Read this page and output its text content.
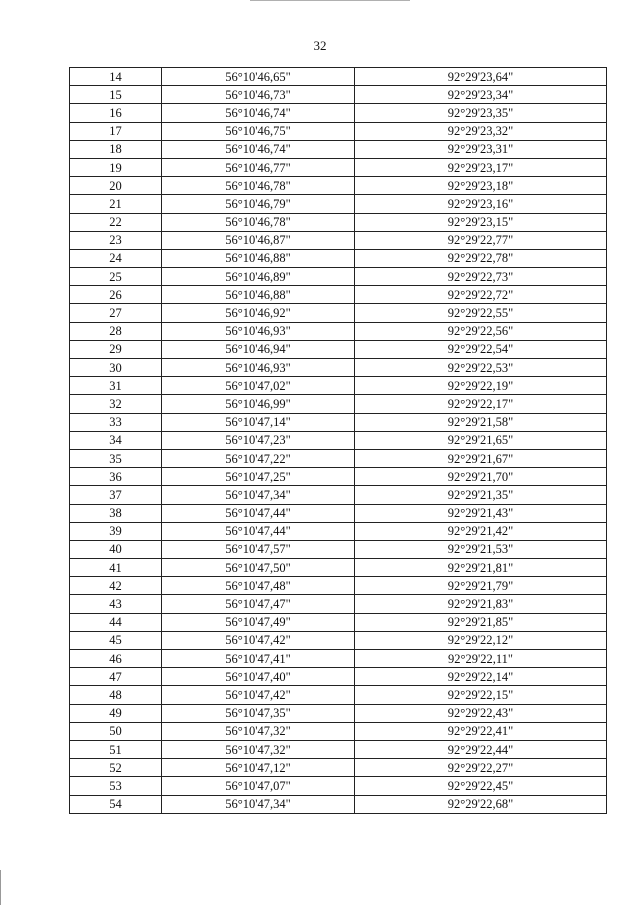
32
14	56°10'46,65"	92°29'23,64"
15	56°10'46,73"	92°29'23,34"
16	56°10'46,74"	92°29'23,35"
17	56°10'46,75"	92°29'23,32"
18	56°10'46,74"	92°29'23,31"
19	56°10'46,77"	92°29'23,17"
20	56°10'46,78"	92°29'23,18"
21	56°10'46,79"	92°29'23,16"
22	56°10'46,78"	92°29'23,15"
23	56°10'46,87"	92°29'22,77"
24	56°10'46,88"	92°29'22,78"
25	56°10'46,89"	92°29'22,73"
26	56°10'46,88"	92°29'22,72"
27	56°10'46,92"	92°29'22,55"
28	56°10'46,93"	92°29'22,56"
29	56°10'46,94"	92°29'22,54"
30	56°10'46,93"	92°29'22,53"
31	56°10'47,02"	92°29'22,19"
32	56°10'46,99"	92°29'22,17"
33	56°10'47,14"	92°29'21,58"
34	56°10'47,23"	92°29'21,65"
35	56°10'47,22"	92°29'21,67"
36	56°10'47,25"	92°29'21,70"
37	56°10'47,34"	92°29'21,35"
38	56°10'47,44"	92°29'21,43"
39	56°10'47,44"	92°29'21,42"
40	56°10'47,57"	92°29'21,53"
41	56°10'47,50"	92°29'21,81"
42	56°10'47,48"	92°29'21,79"
43	56°10'47,47"	92°29'21,83"
44	56°10'47,49"	92°29'21,85"
45	56°10'47,42"	92°29'22,12"
46	56°10'47,41"	92°29'22,11"
47	56°10'47,40"	92°29'22,14"
48	56°10'47,42"	92°29'22,15"
49	56°10'47,35"	92°29'22,43"
50	56°10'47,32"	92°29'22,41"
51	56°10'47,32"	92°29'22,44"
52	56°10'47,12"	92°29'22,27"
53	56°10'47,07"	92°29'22,45"
54	56°10'47,34"	92°29'22,68"
